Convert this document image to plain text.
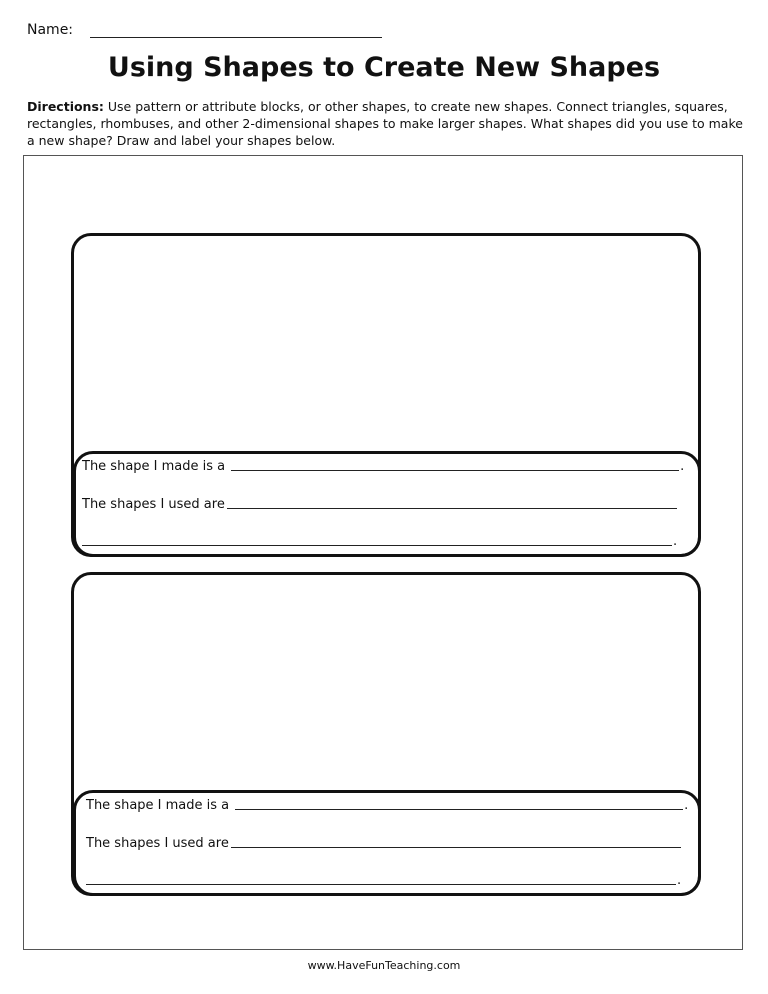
Name:
Using Shapes to Create New Shapes
Directions: Use pattern or attribute blocks, or other shapes, to create new shapes. Connect triangles, squares, rectangles, rhombuses, and other 2-dimensional shapes to make larger shapes. What shapes did you use to make a new shape? Draw and label your shapes below.
The shape I made is a	.
The shapes I used are
.
The shape I made is a	.
The shapes I used are
.
www.HaveFunTeaching.com
